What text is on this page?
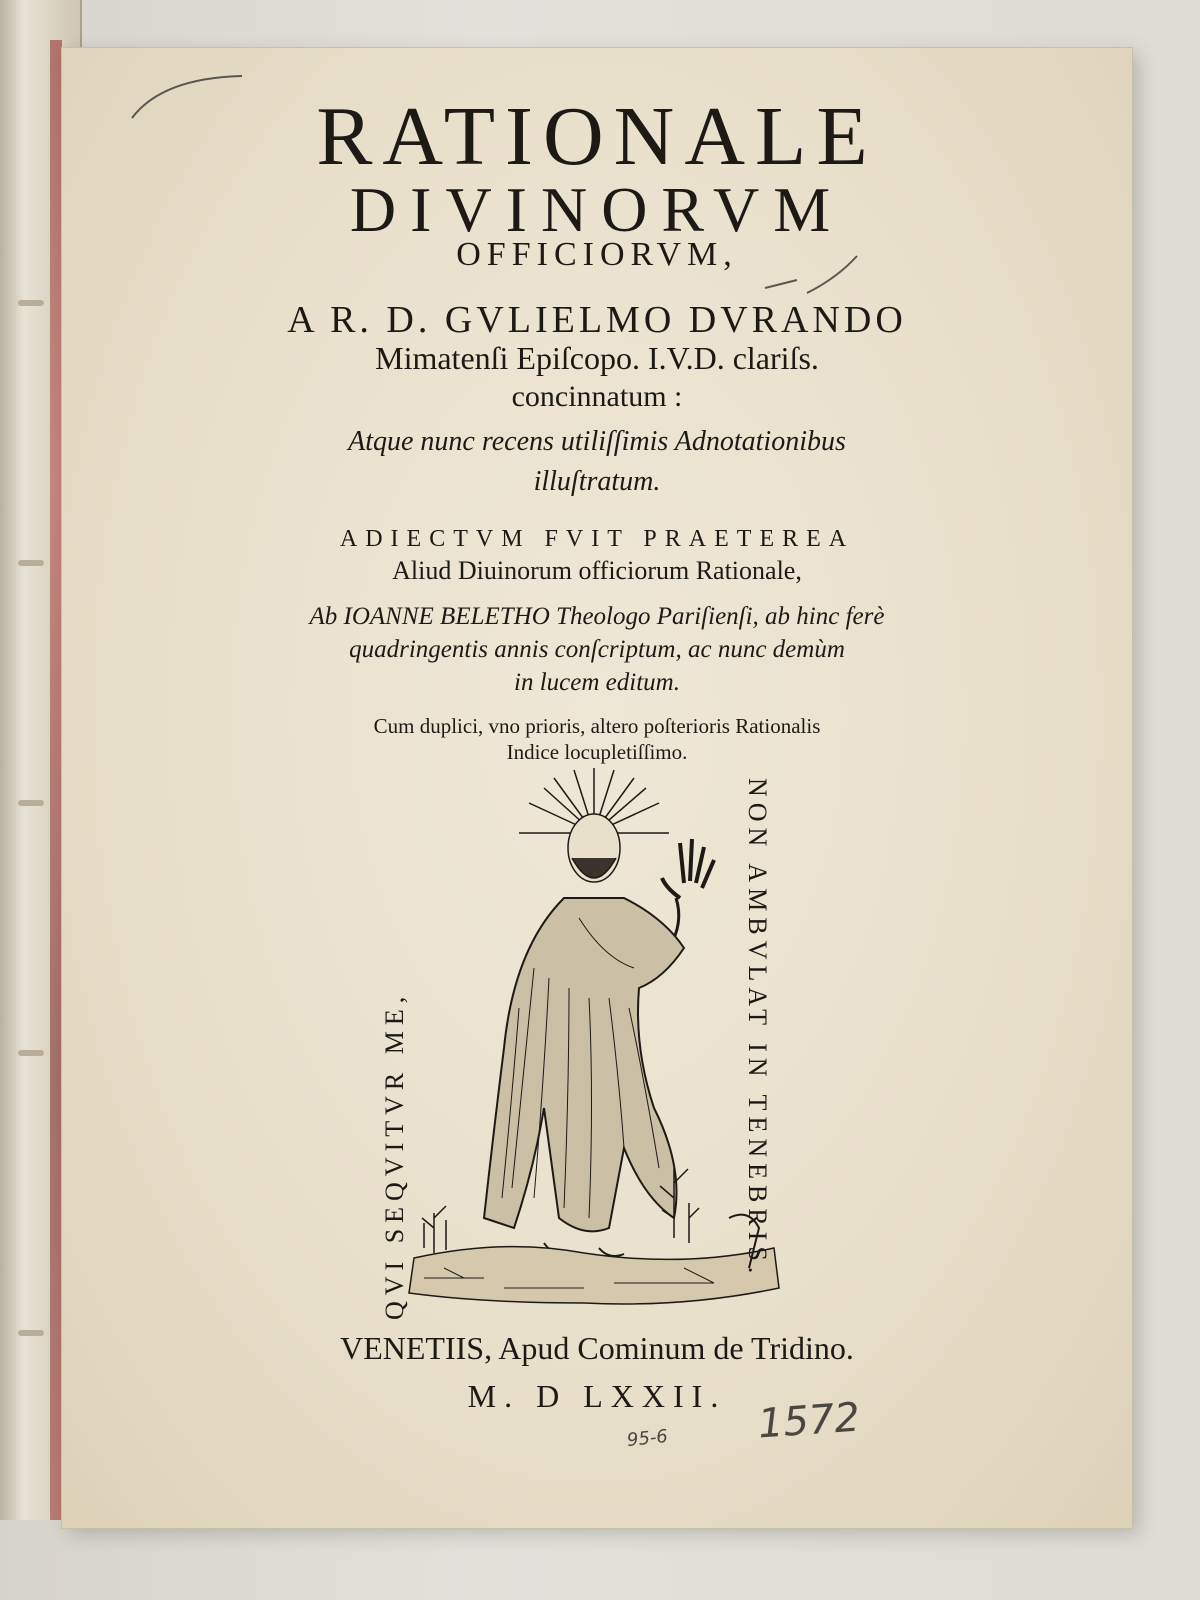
RATIONALE
DIVINORVM
OFFICIORVM,
A R. D. GVLIELMO DVRANDO
Mimatenſi Epiſcopo. I.V.D. clariſs.
concinnatum :
Atque nunc recens utiliſſimis Adnotationibus
illuſtratum.
ADIECTVM FVIT PRAETEREA
Aliud Diuinorum officiorum Rationale,
Ab IOANNE BELETHO Theologo Pariſienſi, ab hinc ferè
quadringentis annis conſcriptum, ac nunc demùm
in lucem editum.
Cum duplici, vno prioris, altero poſterioris Rationalis
Indice locupletiſſimo.
QVI SEQVITVR ME,	NON AMBVLAT IN TENEBRIS.
VENETIIS, Apud Cominum de Tridino.
M. D LXXII. 1572
95-6
